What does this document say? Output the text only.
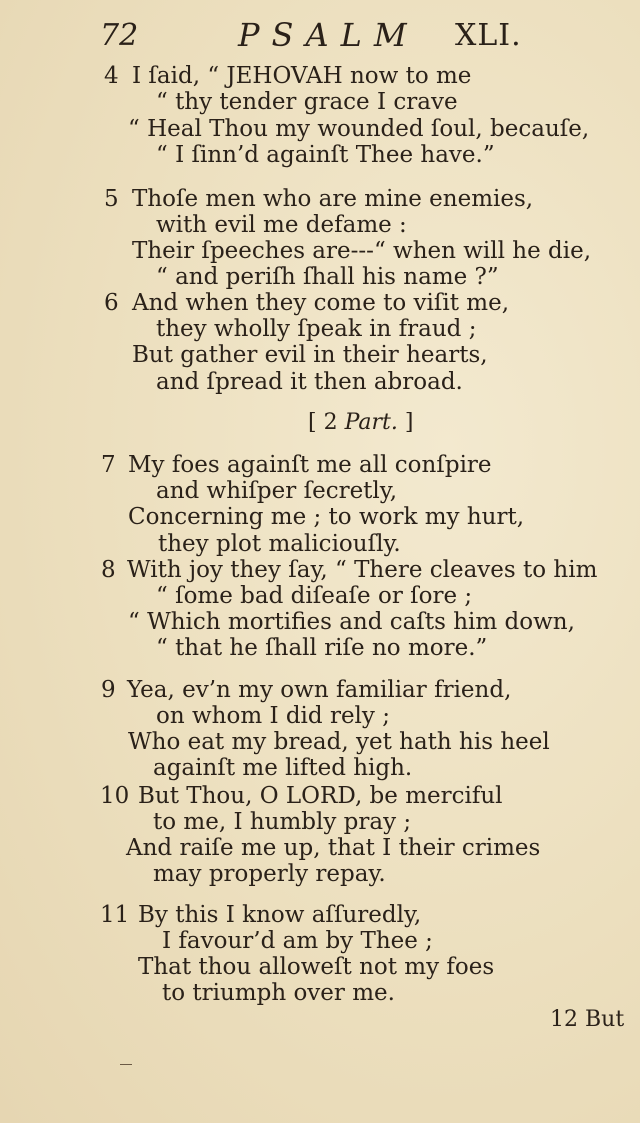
72	PSALM XLI.
4
5
6
7
8
9
10
11
I ſaid, “ JEHOVAH now to me
“ thy tender grace I crave
“ Heal Thou my wounded ſoul, becauſe,
“ I ſinn’d againſt Thee have.”
Thoſe men who are mine enemies,
with evil me defame :
Their ſpeeches are---“ when will he die,
“ and periſh ſhall his name ?”
And when they come to viſit me,
they wholly ſpeak in fraud ;
But gather evil in their hearts,
and ſpread it then abroad.
[ 2 Part. ]
My foes againſt me all conſpire
and whiſper ſecretly,
Concerning me ; to work my hurt,
they plot maliciouſly.
With joy they ſay, “ There cleaves to him
“ ſome bad diſeaſe or ſore ;
“ Which mortifies and caſts him down,
“ that he ſhall riſe no more.”
Yea, ev’n my own familiar friend,
on whom I did rely ;
Who eat my bread, yet hath his heel
againſt me lifted high.
But Thou, O LORD, be merciful
to me, I humbly pray ;
And raiſe me up, that I their crimes
may properly repay.
By this I know aſſuredly,
I favour’d am by Thee ;
That thou alloweſt not my foes
to triumph over me.
12 But
